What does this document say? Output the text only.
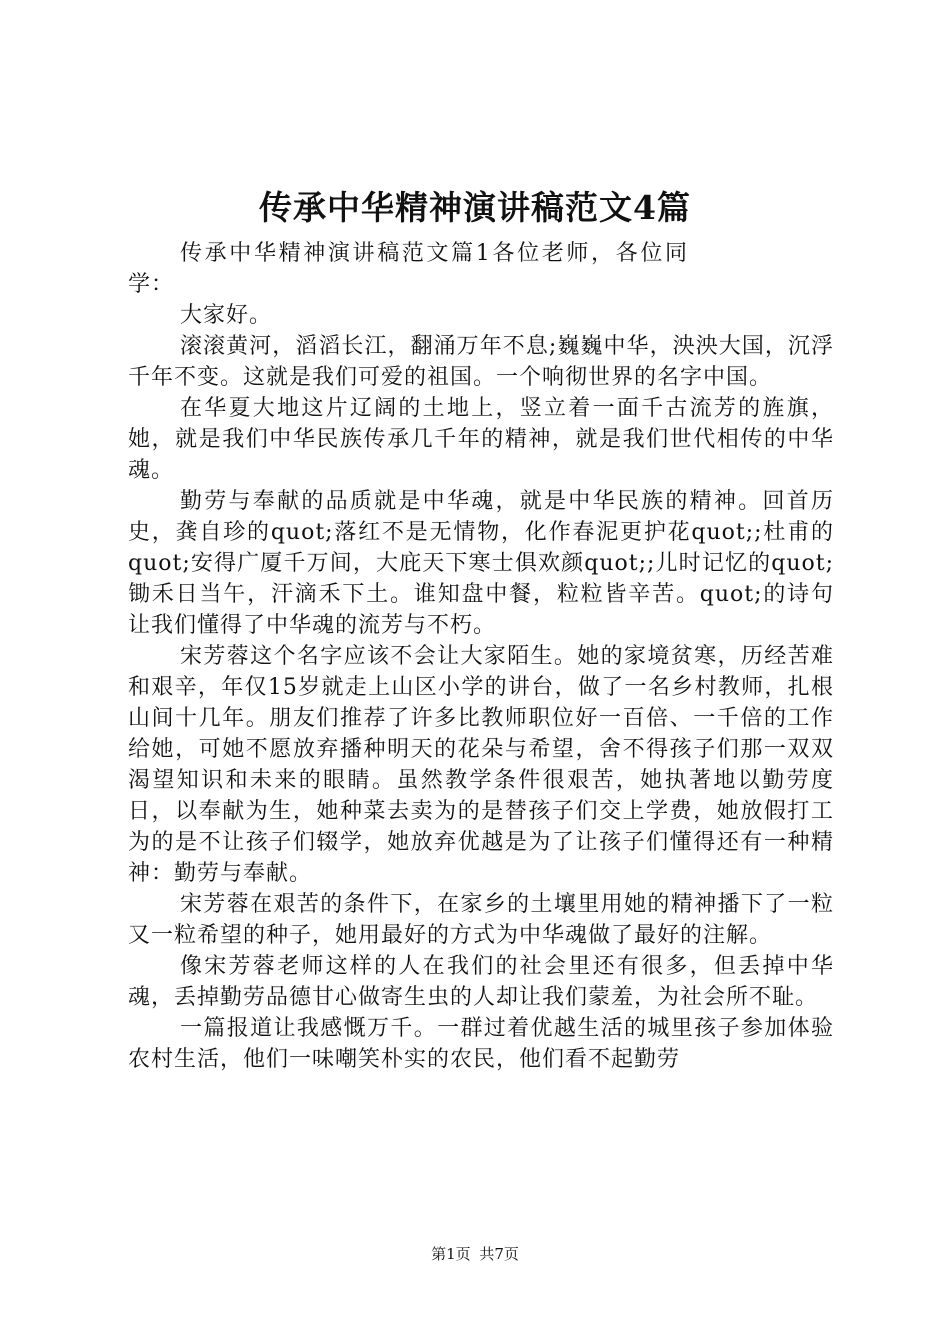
传承中华精神演讲稿范文4篇

传承中华精神演讲稿范文篇1各位老师，各位同学：

大家好。

滚滚黄河，滔滔长江，翻涌万年不息;巍巍中华，泱泱大国，沉浮千年不变。这就是我们可爱的祖国。一个响彻世界的名字中国。

在华夏大地这片辽阔的土地上，竖立着一面千古流芳的旌旗，她，就是我们中华民族传承几千年的精神，就是我们世代相传的中华魂。

勤劳与奉献的品质就是中华魂，就是中华民族的精神。回首历史，龚自珍的quot;落红不是无情物，化作春泥更护花quot;;杜甫的quot;安得广厦千万间，大庇天下寒士俱欢颜quot;;儿时记忆的quot;锄禾日当午，汗滴禾下土。谁知盘中餐，粒粒皆辛苦。quot;的诗句让我们懂得了中华魂的流芳与不朽。

宋芳蓉这个名字应该不会让大家陌生。她的家境贫寒，历经苦难和艰辛，年仅15岁就走上山区小学的讲台，做了一名乡村教师，扎根山间十几年。朋友们推荐了许多比教师职位好一百倍、一千倍的工作给她，可她不愿放弃播种明天的花朵与希望，舍不得孩子们那一双双渴望知识和未来的眼睛。虽然教学条件很艰苦，她执著地以勤劳度日，以奉献为生，她种菜去卖为的是替孩子们交上学费，她放假打工为的是不让孩子们辍学，她放弃优越是为了让孩子们懂得还有一种精神：勤劳与奉献。

宋芳蓉在艰苦的条件下，在家乡的土壤里用她的精神播下了一粒又一粒希望的种子，她用最好的方式为中华魂做了最好的注解。

像宋芳蓉老师这样的人在我们的社会里还有很多，但丢掉中华魂，丢掉勤劳品德甘心做寄生虫的人却让我们蒙羞，为社会所不耻。

一篇报道让我感慨万千。一群过着优越生活的城里孩子参加体验农村生活，他们一味嘲笑朴实的农民，他们看不起勤劳

第1页 共7页
